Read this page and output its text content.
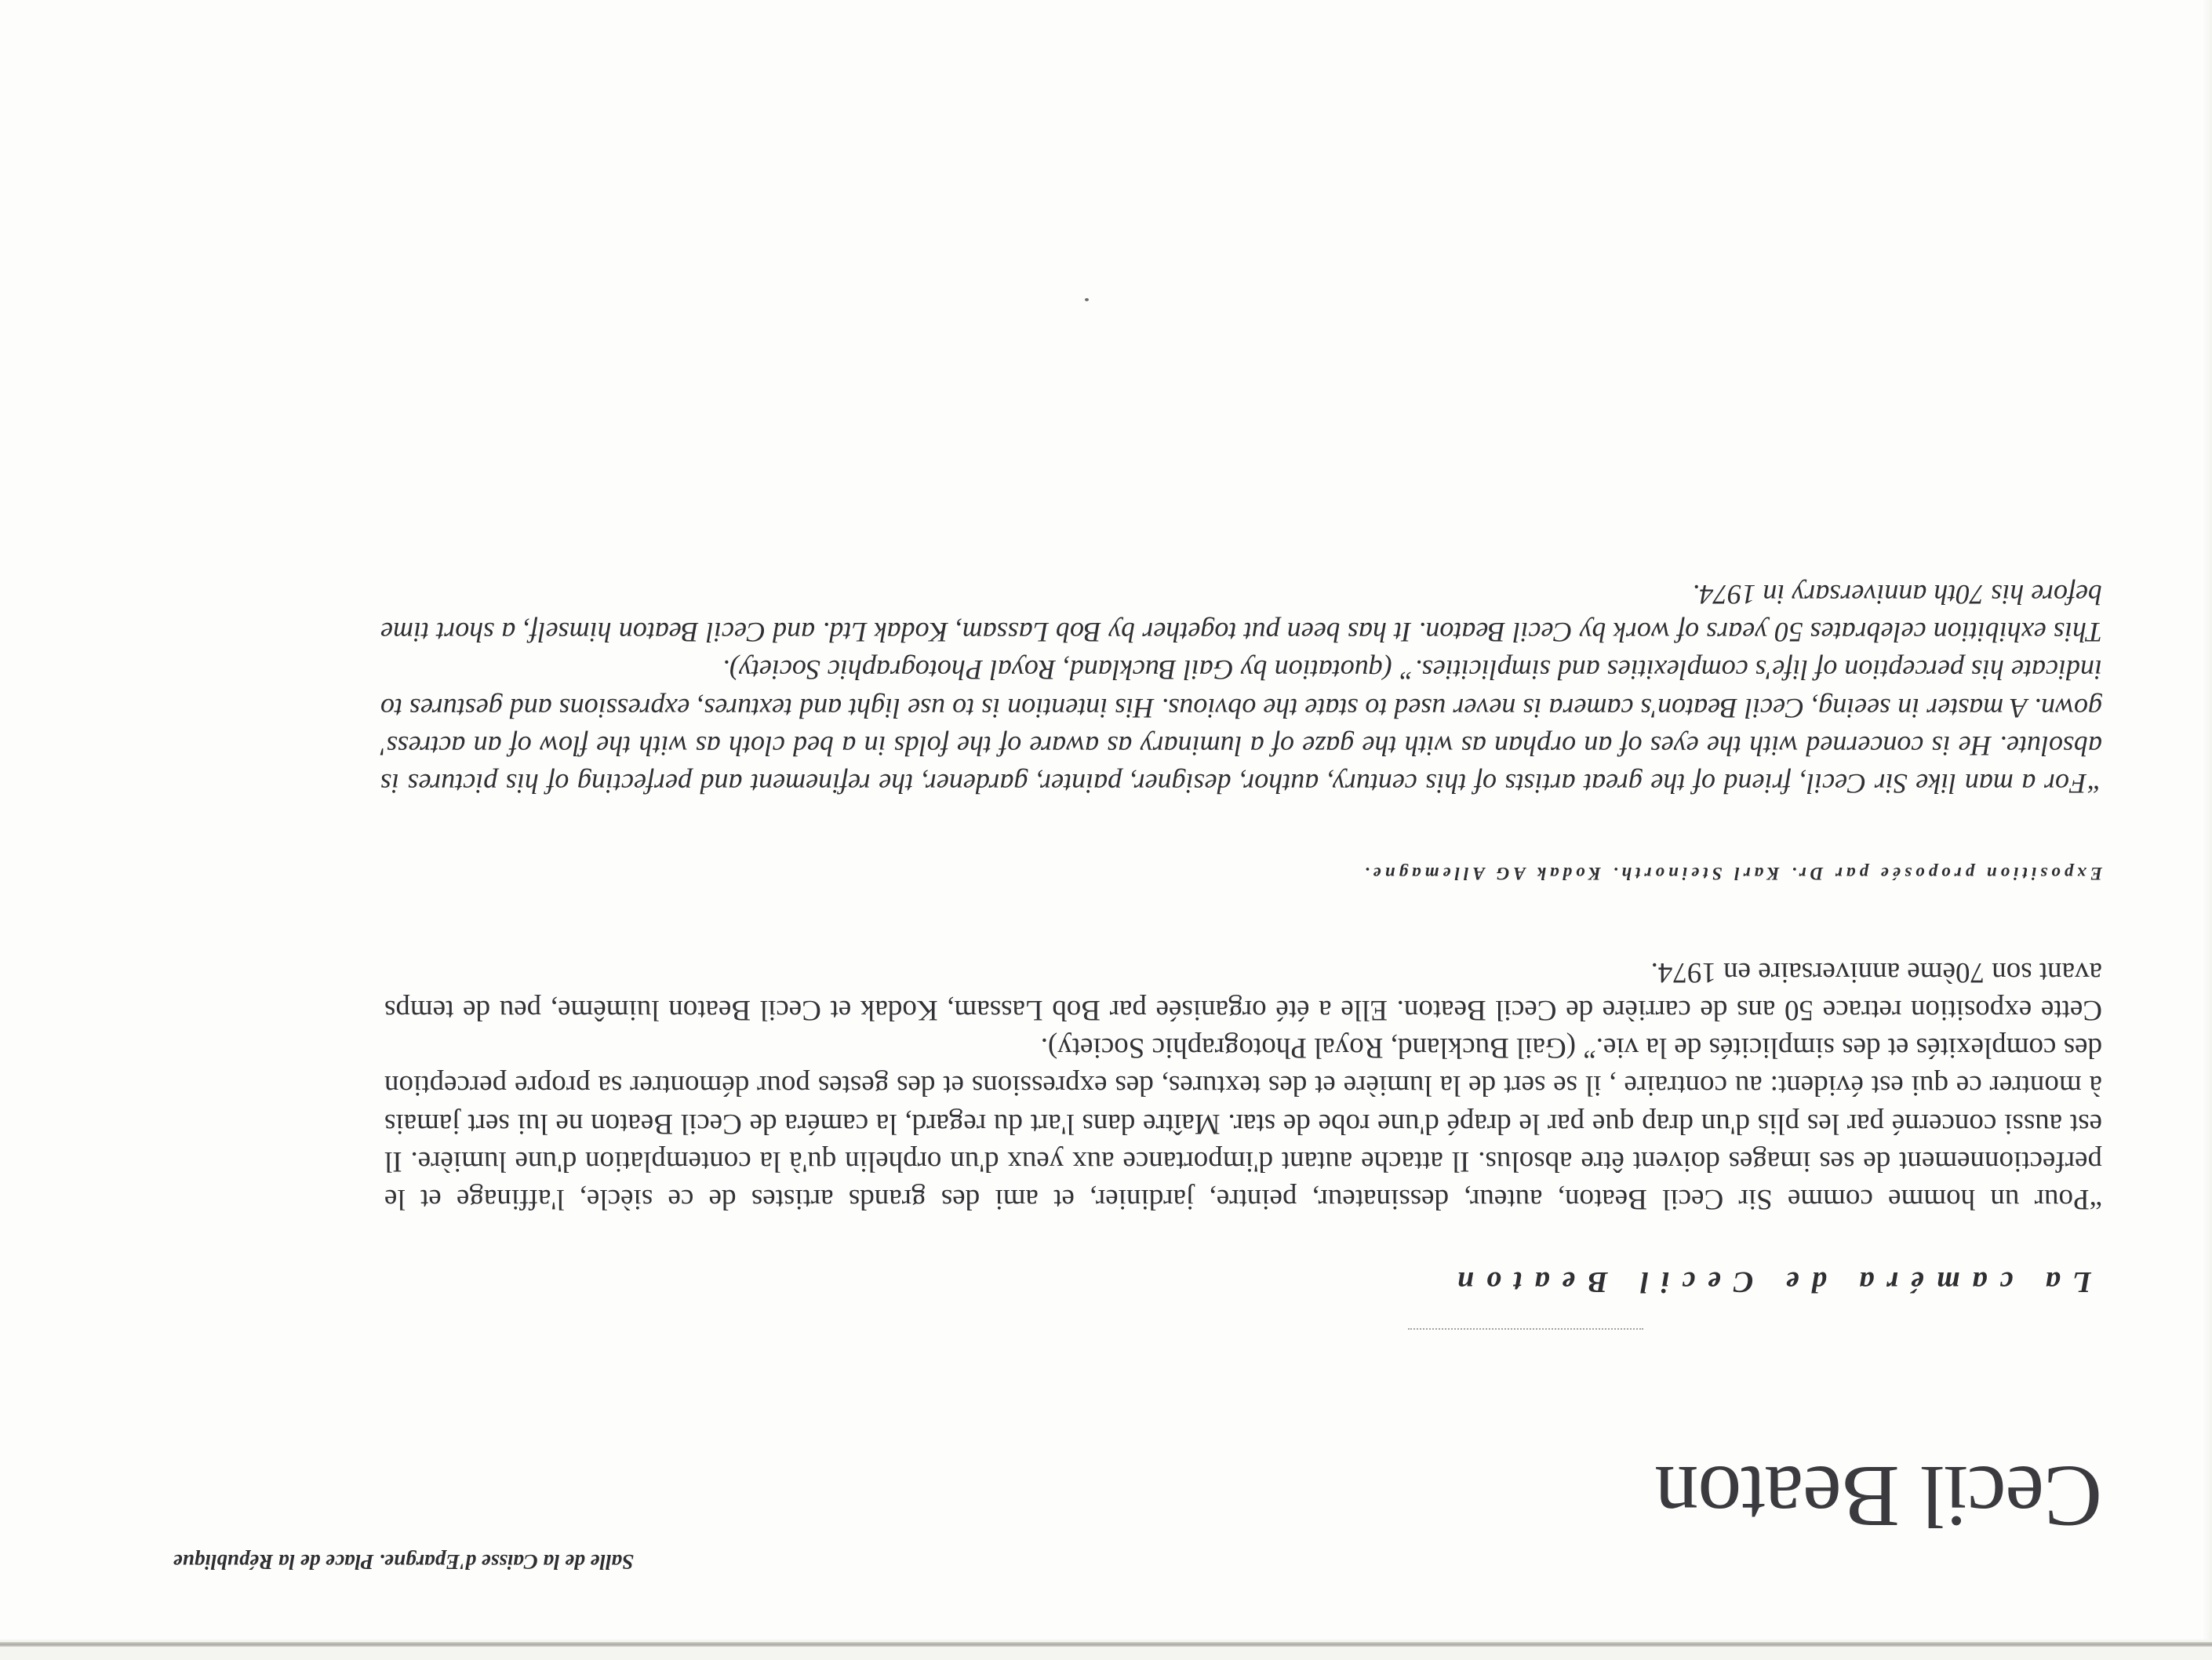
Salle de la Caisse d'Epargne. Place de la République
Cecil Beaton
La caméra de Cecil Beaton

“Pour un homme comme Sir Cecil Beaton, auteur, dessinateur, peintre, jardinier, et ami des grands artistes de ce siècle, l'affinage et le perfectionnement de ses images doivent être absolus. Il attache autant d'importance aux yeux d'un orphelin qu'à la contemplation d'une lumière. Il est aussi concerné par les plis d'un drap que par le drapé d'une robe de star. Maître dans l'art du regard, la caméra de Cecil Beaton ne lui sert jamais à montrer ce qui est évident: au contraire , il se sert de la lumière et des textures, des expressions et des gestes pour démontrer sa propre perception des complexités et des simplicités de la vie.” (Gail Buckland, Royal Photographic Society).

Cette exposition retrace 50 ans de carrière de Cecil Beaton. Elle a été organisée par Bob Lassam, Kodak et Cecil Beaton luimême, peu de temps avant son 70ème anniversaire en 1974.

Exposition proposée par Dr. Karl Steinorth. Kodak AG Allemagne.

“For a man like Sir Cecil, friend of the great artists of this century, author, designer, painter, gardener, the refinement and perfecting of his pictures is absolute. He is concerned with the eyes of an orphan as with the gaze of a luminary as aware of the folds in a bed cloth as with the flow of an actress' gown. A master in seeing, Cecil Beaton's camera is never used to state the obvious. His intention is to use light and textures, expressions and gestures to indicate his perception of life's complexities and simplicities.” (quotation by Gail Buckland, Royal Photographic Society).

This exhibition celebrates 50 years of work by Cecil Beaton. It has been put together by Bob Lassam, Kodak Ltd. and Cecil Beaton himself, a short time before his 70th anniversary in 1974.
